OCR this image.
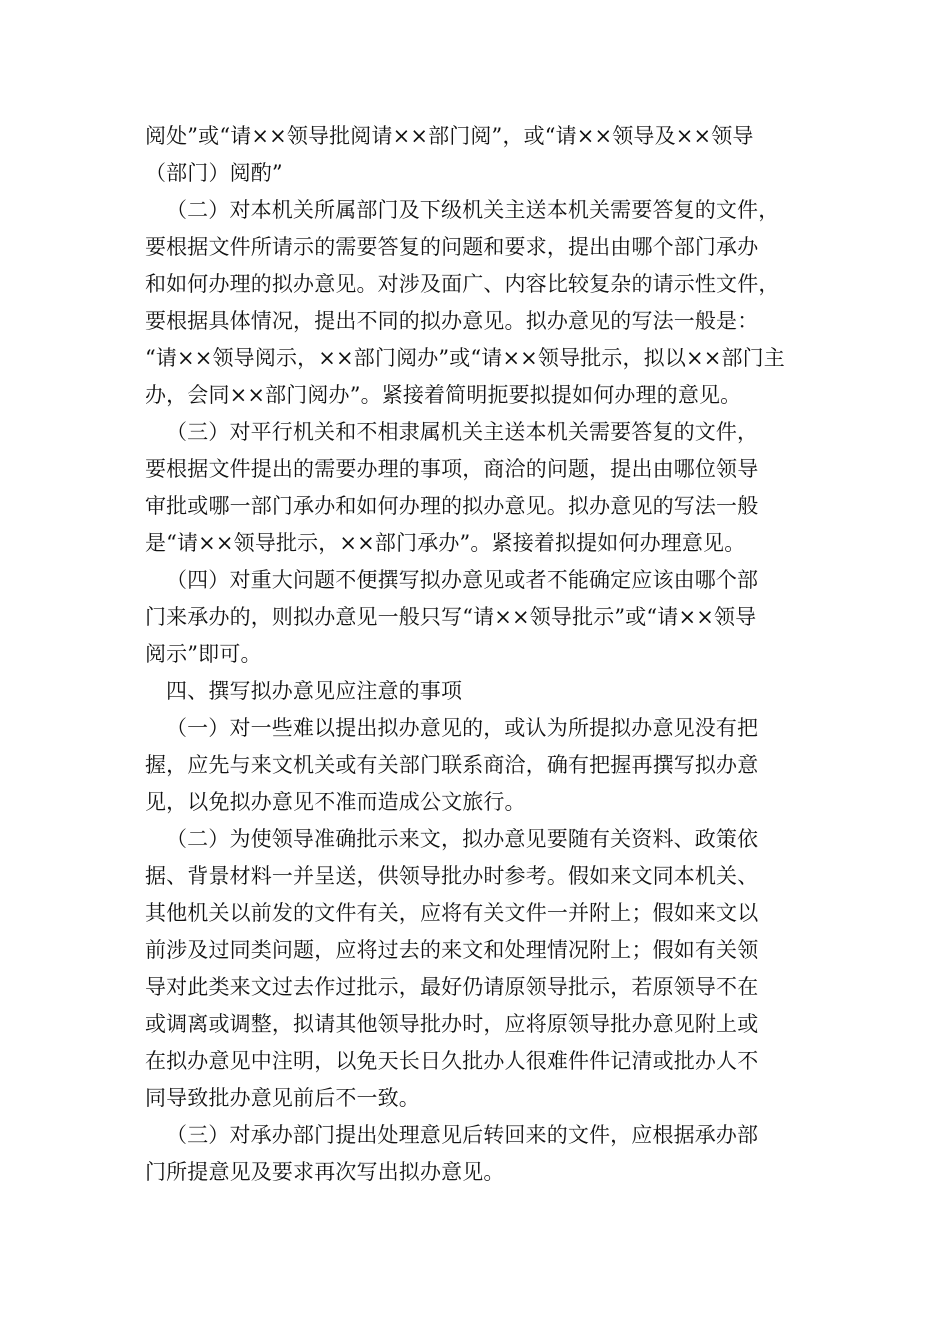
阅处”或“请××领导批阅请××部门阅”，或“请××领导及××领导
（部门）阅酌”
（二）对本机关所属部门及下级机关主送本机关需要答复的文件，
要根据文件所请示的需要答复的问题和要求，提出由哪个部门承办
和如何办理的拟办意见。对涉及面广、内容比较复杂的请示性文件，
要根据具体情况，提出不同的拟办意见。拟办意见的写法一般是：
“请××领导阅示，××部门阅办”或“请××领导批示，拟以××部门主
办，会同××部门阅办”。紧接着简明扼要拟提如何办理的意见。
（三）对平行机关和不相隶属机关主送本机关需要答复的文件，
要根据文件提出的需要办理的事项，商洽的问题，提出由哪位领导
审批或哪一部门承办和如何办理的拟办意见。拟办意见的写法一般
是“请××领导批示，××部门承办”。紧接着拟提如何办理意见。
（四）对重大问题不便撰写拟办意见或者不能确定应该由哪个部
门来承办的，则拟办意见一般只写“请××领导批示”或“请××领导
阅示”即可。
四、撰写拟办意见应注意的事项
（一）对一些难以提出拟办意见的，或认为所提拟办意见没有把
握，应先与来文机关或有关部门联系商洽，确有把握再撰写拟办意
见，以免拟办意见不准而造成公文旅行。
（二）为使领导准确批示来文，拟办意见要随有关资料、政策依
据、背景材料一并呈送，供领导批办时参考。假如来文同本机关、
其他机关以前发的文件有关，应将有关文件一并附上；假如来文以
前涉及过同类问题，应将过去的来文和处理情况附上；假如有关领
导对此类来文过去作过批示，最好仍请原领导批示，若原领导不在
或调离或调整，拟请其他领导批办时，应将原领导批办意见附上或
在拟办意见中注明，以免天长日久批办人很难件件记清或批办人不
同导致批办意见前后不一致。
（三）对承办部门提出处理意见后转回来的文件，应根据承办部
门所提意见及要求再次写出拟办意见。
